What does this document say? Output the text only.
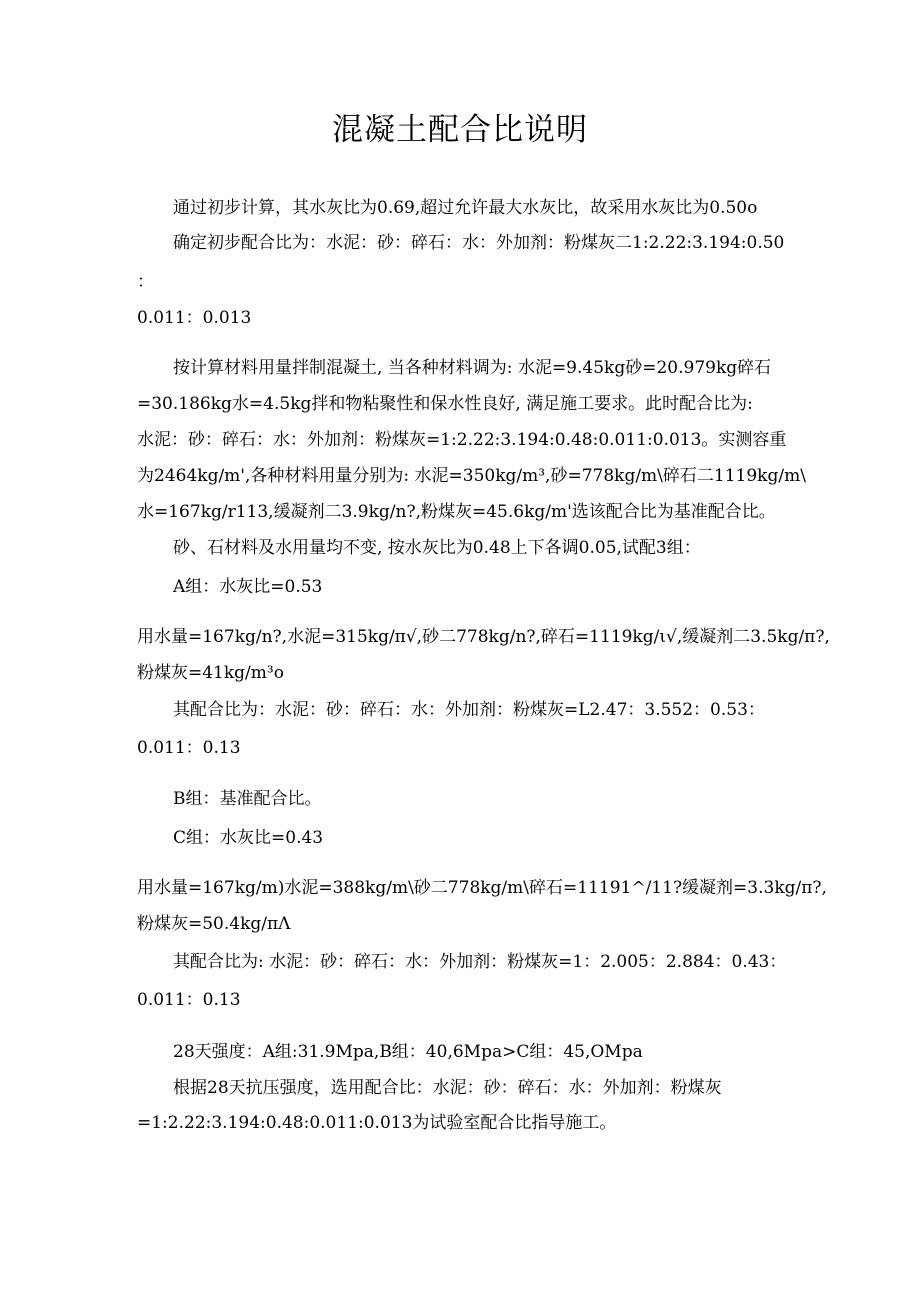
混凝土配合比说明
通过初步计算，其水灰比为0.69,超过允许最大水灰比，故采用水灰比为0.50o
确定初步配合比为：水泥：砂：碎石：水：外加剂：粉煤灰二1:2.22:3.194:0.50
：
0.011：0.013
按计算材料用量拌制混凝土, 当各种材料调为: 水泥=9.45kg砂=20.979kg碎石
=30.186kg水=4.5kg拌和物粘聚性和保水性良好, 满足施工要求。此时配合比为:
水泥：砂：碎石：水：外加剂：粉煤灰=1:2.22:3.194:0.48:0.011:0.013。实测容重
为2464kg∕m',各种材料用量分别为: 水泥=350kg∕m³,砂=778kg∕m\碎石二1119kg∕m\
水=167kg∕r113,缓凝剂二3.9kg∕n?,粉煤灰=45.6kg∕m'选该配合比为基准配合比。
砂、石材料及水用量均不变, 按水灰比为0.48上下各调0.05,试配3组：
A组：水灰比=0.53
用水量=167kg∕n?,水泥=315kg∕π√,砂二778kg∕n?,碎石=1119kg∕ι√,缓凝剂二3.5kg∕π?,
粉煤灰=41kg∕m³o
其配合比为：水泥：砂：碎石：水：外加剂：粉煤灰=L2.47：3.552：0.53：
0.011：0.13
B组：基准配合比。
C组：水灰比=0.43
用水量=167kg∕m)水泥=388kg∕m\砂二778kg∕m\碎石=11191^/11?缓凝剂=3.3kg∕π?,
粉煤灰=50.4kg∕πΛ
其配合比为: 水泥：砂：碎石：水：外加剂：粉煤灰=1：2.005：2.884：0.43：
0.011：0.13
28天强度：A组:31.9Mpa,B组：40,6Mpa>C组：45,OMpa
根据28天抗压强度，选用配合比：水泥：砂：碎石：水：外加剂：粉煤灰
=1:2.22:3.194:0.48:0.011:0.013为试验室配合比指导施工。
